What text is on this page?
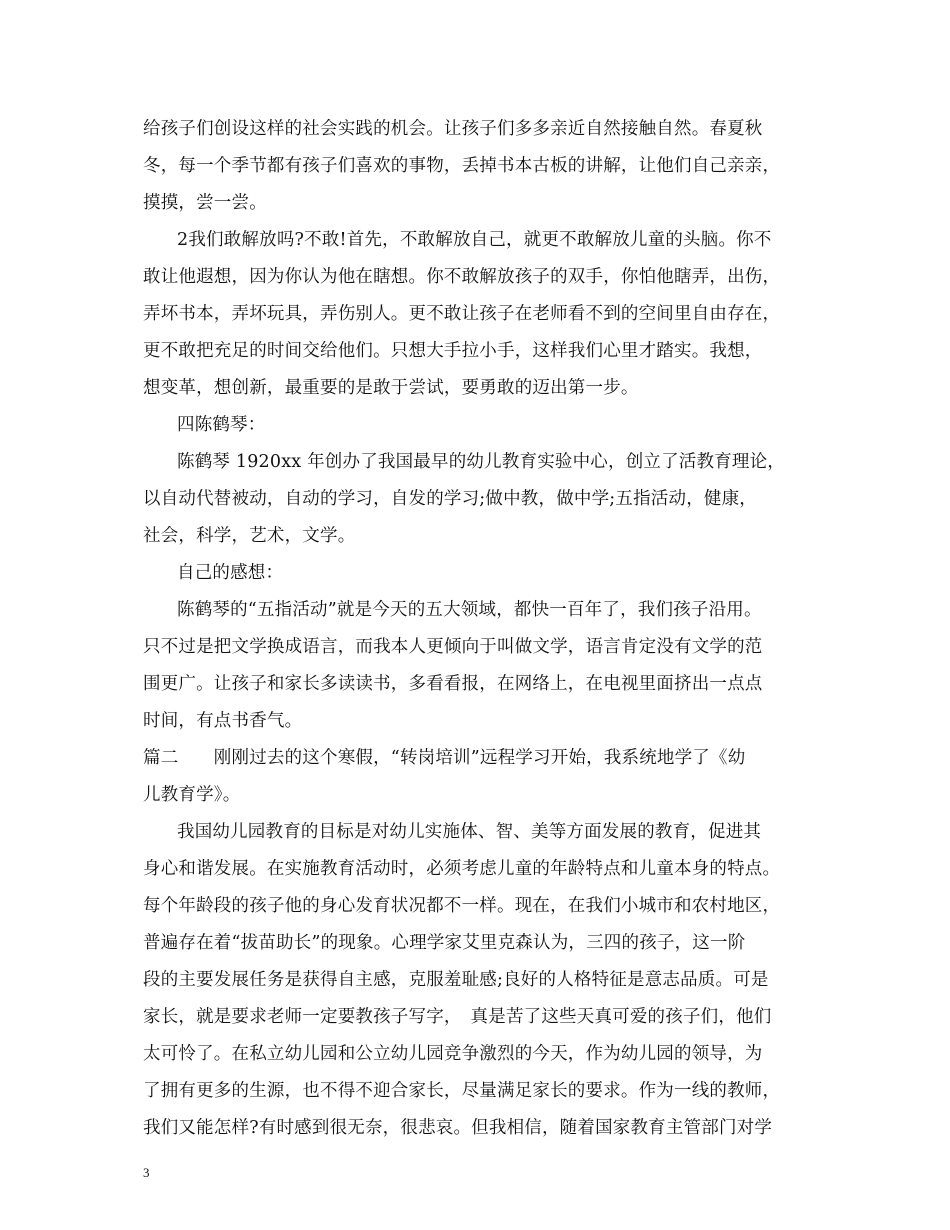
给孩子们创设这样的社会实践的机会。让孩子们多多亲近自然接触自然。春夏秋
冬，每一个季节都有孩子们喜欢的事物，丢掉书本古板的讲解，让他们自己亲亲，
摸摸，尝一尝。
2我们敢解放吗?不敢!首先，不敢解放自己，就更不敢解放儿童的头脑。你不
敢让他遐想，因为你认为他在瞎想。你不敢解放孩子的双手，你怕他瞎弄，出伤，
弄坏书本，弄坏玩具，弄伤别人。更不敢让孩子在老师看不到的空间里自由存在，
更不敢把充足的时间交给他们。只想大手拉小手，这样我们心里才踏实。我想，
想变革，想创新，最重要的是敢于尝试，要勇敢的迈出第一步。
四陈鹤琴：
陈鹤琴 1920xx 年创办了我国最早的幼儿教育实验中心，创立了活教育理论，
以自动代替被动，自动的学习，自发的学习;做中教，做中学;五指活动，健康，
社会，科学，艺术，文学。
自己的感想：
陈鹤琴的“五指活动”就是今天的五大领域，都快一百年了，我们孩子沿用。
只不过是把文学换成语言，而我本人更倾向于叫做文学，语言肯定没有文学的范
围更广。让孩子和家长多读读书，多看看报，在网络上，在电视里面挤出一点点
时间，有点书香气。
篇二　　刚刚过去的这个寒假，“转岗培训”远程学习开始，我系统地学了《幼
儿教育学》。
我国幼儿园教育的目标是对幼儿实施体、智、美等方面发展的教育，促进其
身心和谐发展。在实施教育活动时，必须考虑儿童的年龄特点和儿童本身的特点。
每个年龄段的孩子他的身心发育状况都不一样。现在，在我们小城市和农村地区，
普遍存在着“拔苗助长”的现象。心理学家艾里克森认为，三四的孩子，这一阶
段的主要发展任务是获得自主感，克服羞耻感;良好的人格特征是意志品质。可是
家长，就是要求老师一定要教孩子写字，　真是苦了这些天真可爱的孩子们，他们
太可怜了。在私立幼儿园和公立幼儿园竞争激烈的今天，作为幼儿园的领导，为
了拥有更多的生源，也不得不迎合家长，尽量满足家长的要求。作为一线的教师，
我们又能怎样?有时感到很无奈，很悲哀。但我相信，随着国家教育主管部门对学
3
